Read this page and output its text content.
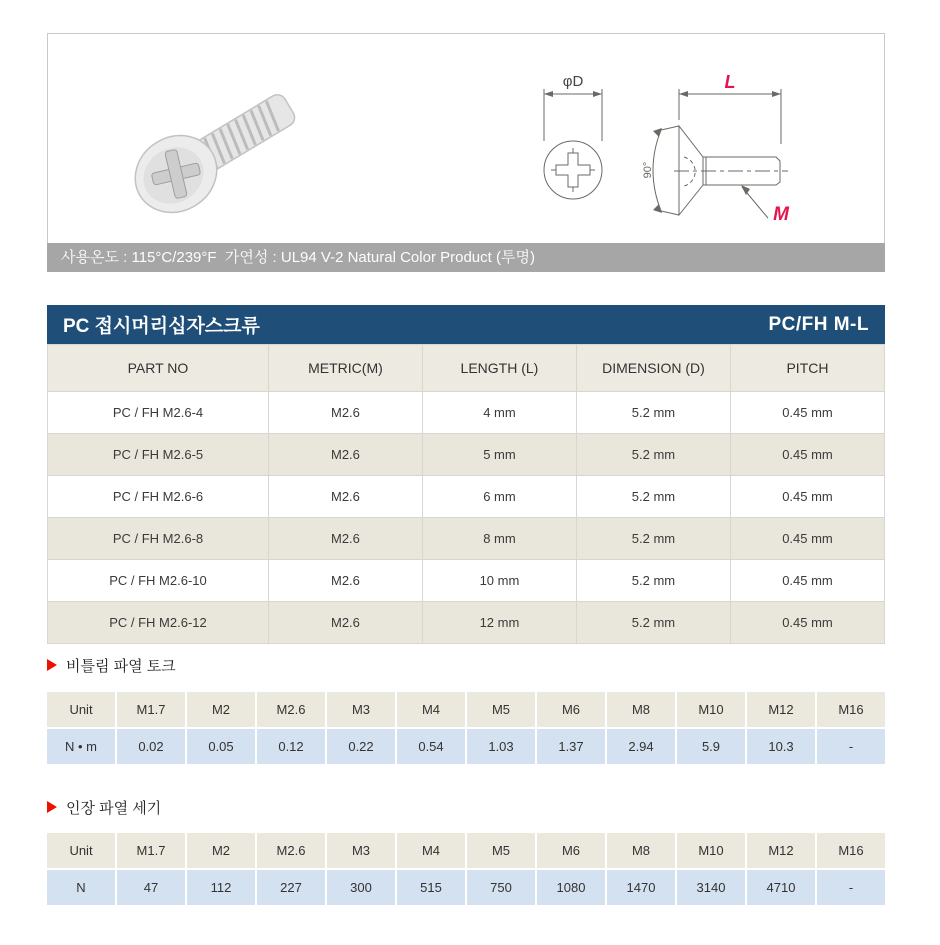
φD
90°
L
M
사용온도 : 115°C/239°F  가연성 : UL94 V-2 Natural Color Product (투명)
PC 접시머리십자스크류	PC/FH M-L
PART NO	METRIC(M)	LENGTH (L)	DIMENSION (D)	PITCH
PC / FH M2.6-4	M2.6	4 mm	5.2 mm	0.45 mm
PC / FH M2.6-5	M2.6	5 mm	5.2 mm	0.45 mm
PC / FH M2.6-6	M2.6	6 mm	5.2 mm	0.45 mm
PC / FH M2.6-8	M2.6	8 mm	5.2 mm	0.45 mm
PC / FH M2.6-10	M2.6	10 mm	5.2 mm	0.45 mm
PC / FH M2.6-12	M2.6	12 mm	5.2 mm	0.45 mm
비틀림 파열 토크
Unit	M1.7	M2	M2.6	M3	M4	M5	M6	M8	M10	M12	M16
N • m	0.02	0.05	0.12	0.22	0.54	1.03	1.37	2.94	5.9	10.3	-
인장 파열 세기
Unit	M1.7	M2	M2.6	M3	M4	M5	M6	M8	M10	M12	M16
N	47	112	227	300	515	750	1080	1470	3140	4710	-
